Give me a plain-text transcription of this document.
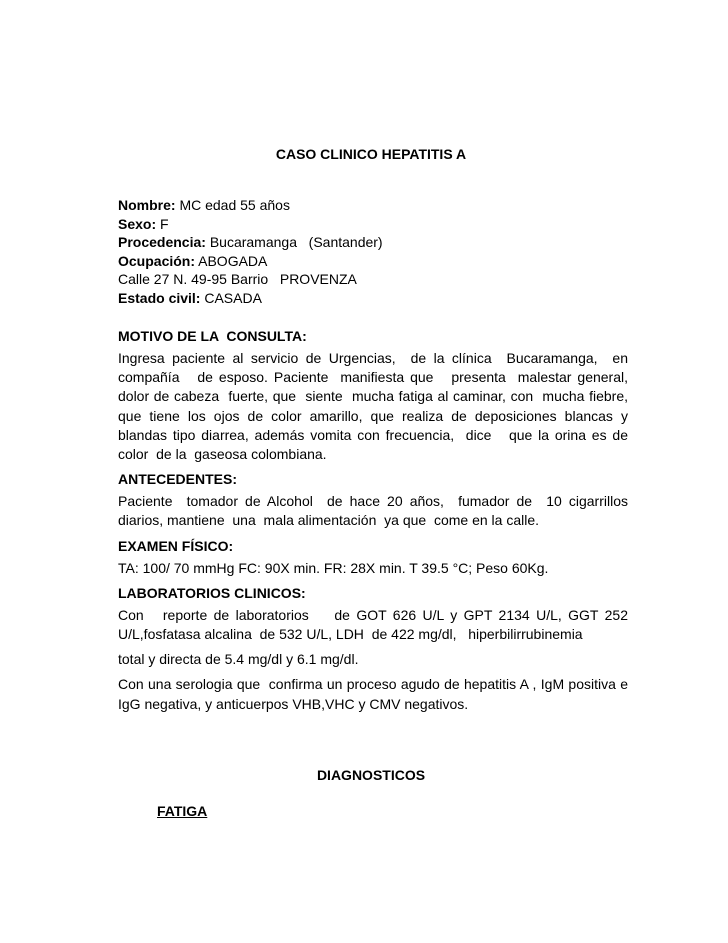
CASO CLINICO HEPATITIS A
Nombre: MC edad 55 años
Sexo: F
Procedencia: Bucaramanga   (Santander)
Ocupación: ABOGADA
Calle 27 N. 49-95 Barrio   PROVENZA
Estado civil: CASADA
MOTIVO DE LA  CONSULTA:
Ingresa paciente al servicio de Urgencias,  de la clínica  Bucaramanga,  en compañía   de esposo. Paciente  manifiesta que   presenta  malestar general, dolor de cabeza  fuerte, que  siente  mucha fatiga al caminar, con  mucha fiebre, que tiene los ojos de color amarillo, que realiza de deposiciones blancas y blandas tipo diarrea, además vomita con frecuencia,  dice   que la orina es de color  de la  gaseosa colombiana.
ANTECEDENTES:
Paciente  tomador de Alcohol  de hace 20 años,  fumador de  10 cigarrillos diarios, mantiene  una  mala alimentación  ya que  come en la calle.
EXAMEN FÍSICO:
TA: 100/ 70 mmHg FC: 90X min. FR: 28X min. T 39.5 °C; Peso 60Kg.
LABORATORIOS CLINICOS:
Con   reporte de laboratorios    de GOT 626 U/L y GPT 2134 U/L, GGT 252 U/L,fosfatasa alcalina  de 532 U/L, LDH  de 422 mg/dl,   hiperbilirrubinemia
total y directa de 5.4 mg/dl y 6.1 mg/dl.
Con una serologia que  confirma un proceso agudo de hepatitis A , IgM positiva e IgG negativa, y anticuerpos VHB,VHC y CMV negativos.
DIAGNOSTICOS
FATIGA
